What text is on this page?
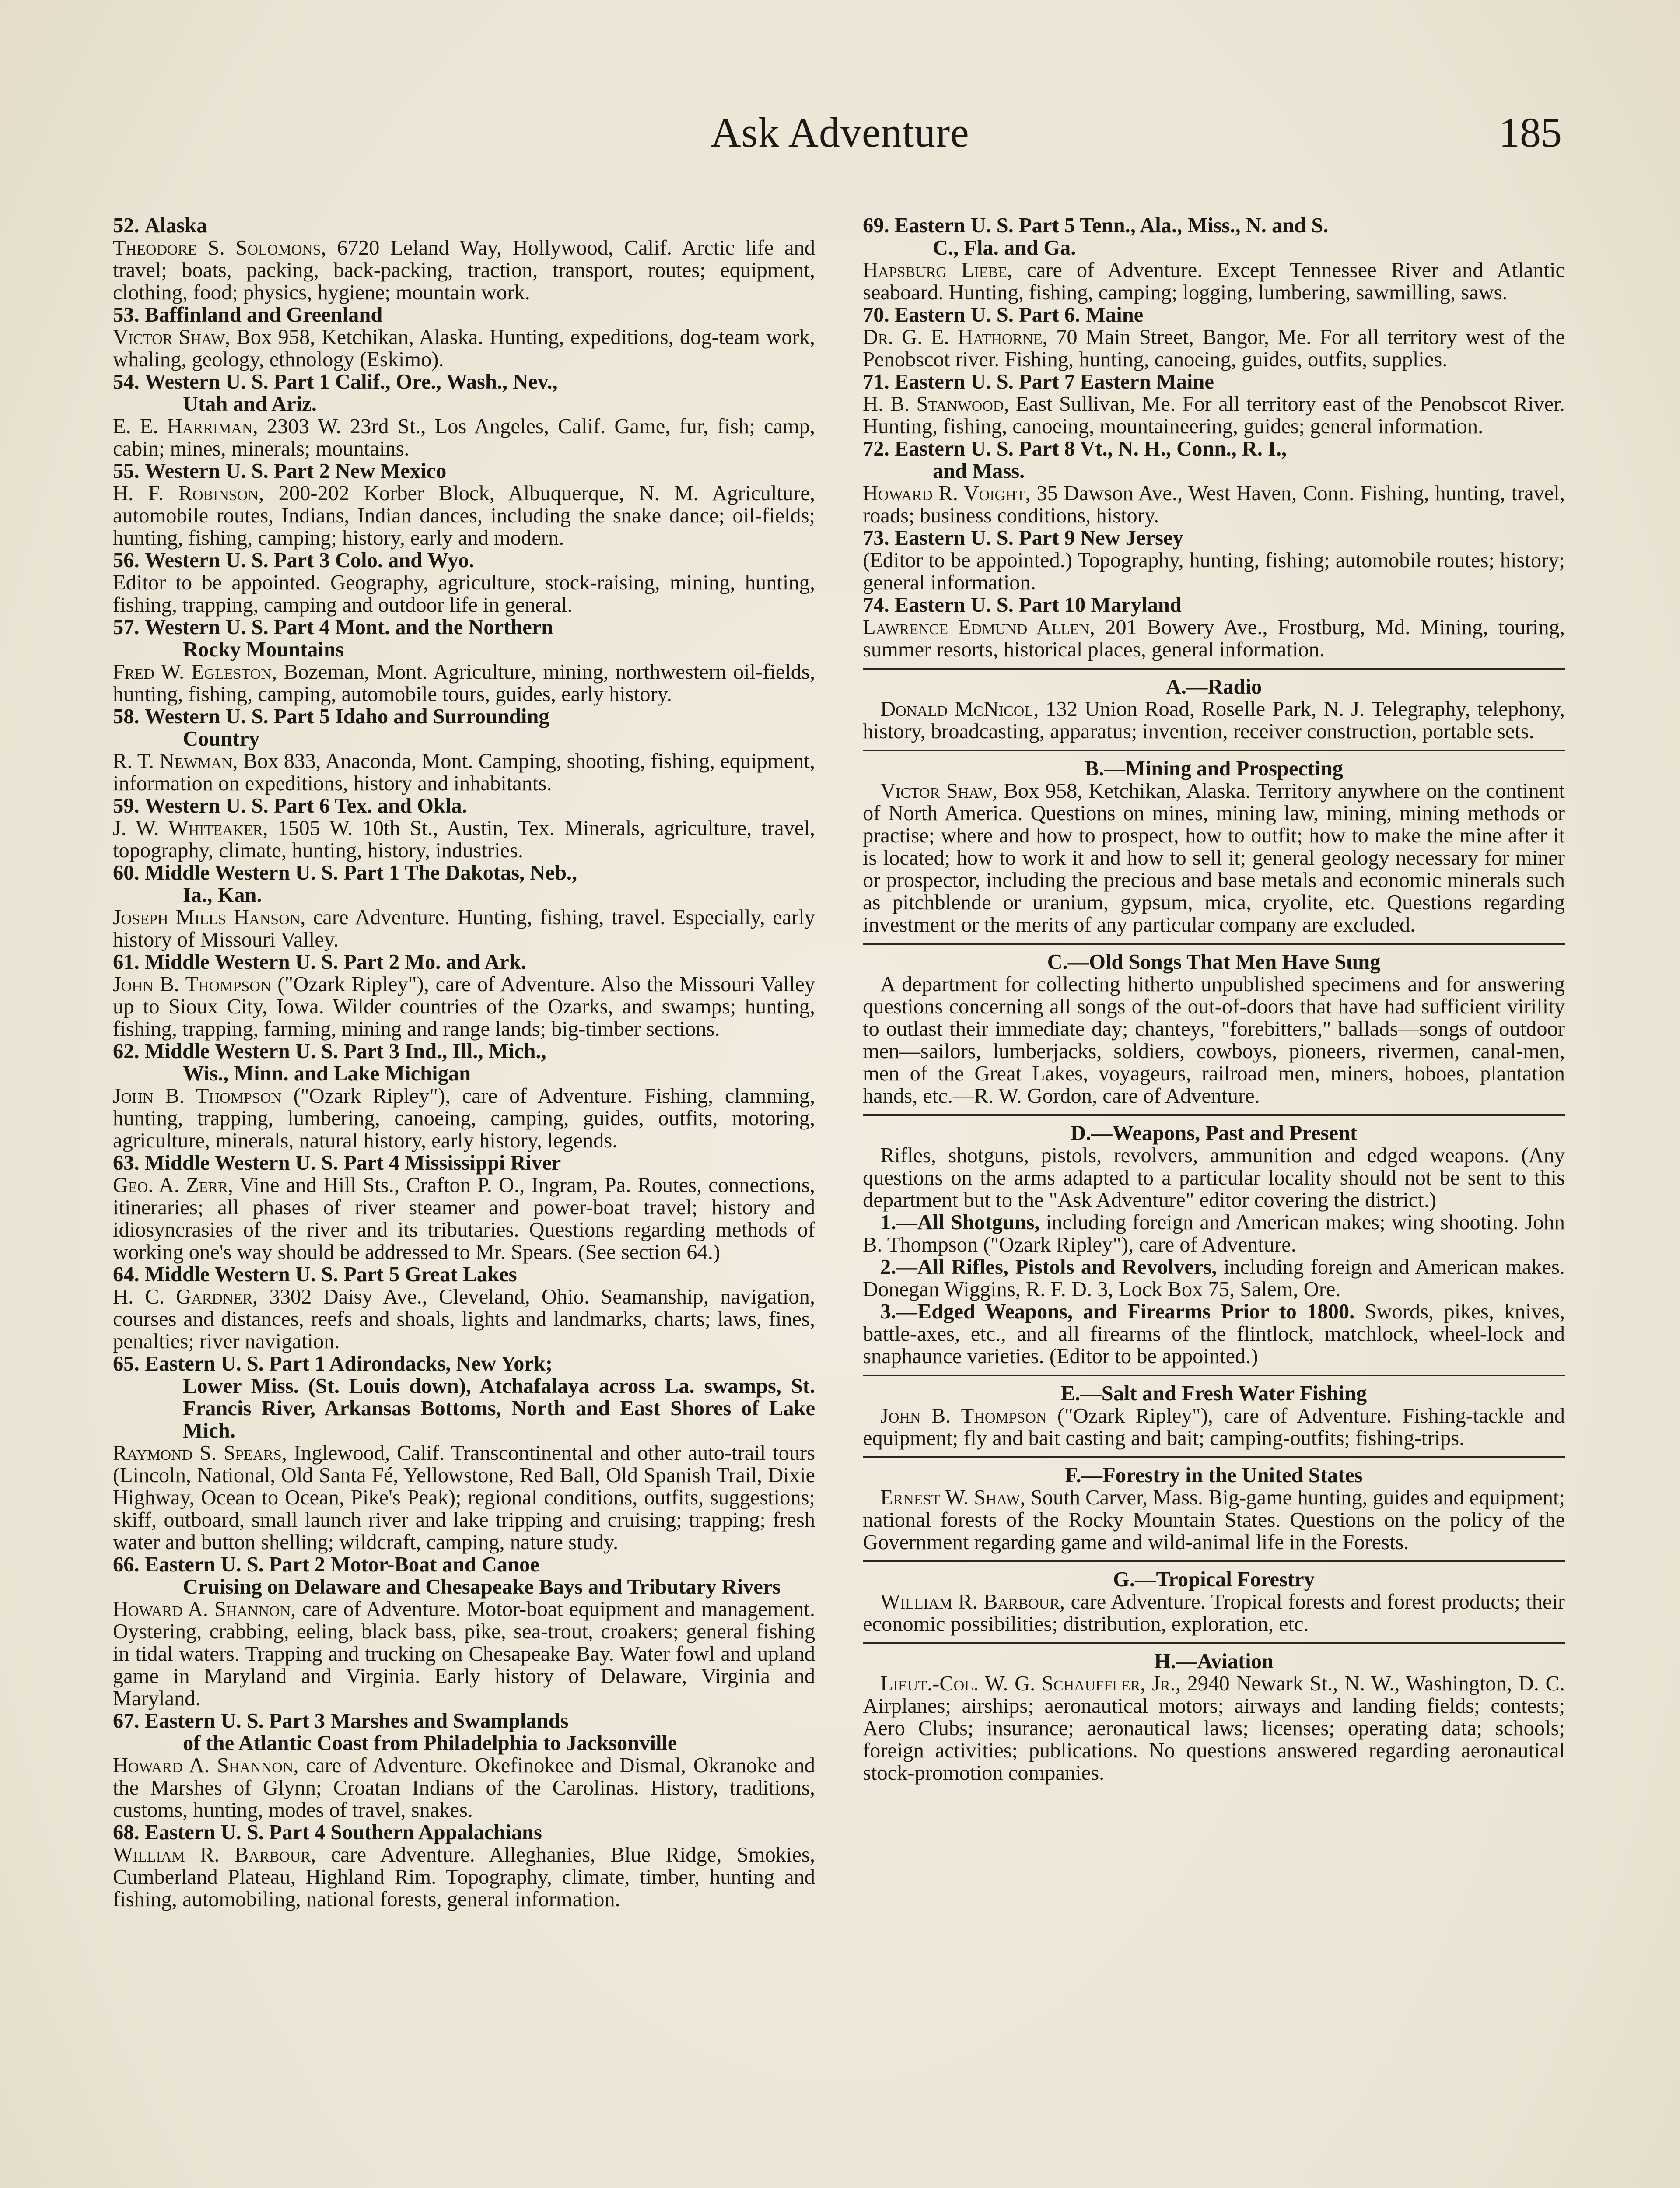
Ask Adventure	185
52. Alaska
Theodore S. Solomons, 6720 Leland Way, Hollywood, Calif. Arctic life and travel; boats, packing, back-packing, traction, transport, routes; equipment, clothing, food; physics, hygiene; mountain work.
53. Baffinland and Greenland
Victor Shaw, Box 958, Ketchikan, Alaska. Hunting, expeditions, dog-team work, whaling, geology, ethnology (Eskimo).
54. Western U. S. Part 1 Calif., Ore., Wash., Nev.,
Utah and Ariz.
E. E. Harriman, 2303 W. 23rd St., Los Angeles, Calif. Game, fur, fish; camp, cabin; mines, minerals; mountains.
55. Western U. S. Part 2 New Mexico
H. F. Robinson, 200-202 Korber Block, Albuquerque, N. M. Agriculture, automobile routes, Indians, Indian dances, including the snake dance; oil-fields; hunting, fishing, camping; history, early and modern.
56. Western U. S. Part 3 Colo. and Wyo.
Editor to be appointed. Geography, agriculture, stock-raising, mining, hunting, fishing, trapping, camping and outdoor life in general.
57. Western U. S. Part 4 Mont. and the Northern
Rocky Mountains
Fred W. Egleston, Bozeman, Mont. Agriculture, mining, northwestern oil-fields, hunting, fishing, camping, automobile tours, guides, early history.
58. Western U. S. Part 5 Idaho and Surrounding
Country
R. T. Newman, Box 833, Anaconda, Mont. Camping, shooting, fishing, equipment, information on expeditions, history and inhabitants.
59. Western U. S. Part 6 Tex. and Okla.
J. W. Whiteaker, 1505 W. 10th St., Austin, Tex. Minerals, agriculture, travel, topography, climate, hunting, history, industries.
60. Middle Western U. S. Part 1 The Dakotas, Neb.,
Ia., Kan.
Joseph Mills Hanson, care Adventure. Hunting, fishing, travel. Especially, early history of Missouri Valley.
61. Middle Western U. S. Part 2 Mo. and Ark.
John B. Thompson ("Ozark Ripley"), care of Adventure. Also the Missouri Valley up to Sioux City, Iowa. Wilder countries of the Ozarks, and swamps; hunting, fishing, trapping, farming, mining and range lands; big-timber sections.
62. Middle Western U. S. Part 3 Ind., Ill., Mich.,
Wis., Minn. and Lake Michigan
John B. Thompson ("Ozark Ripley"), care of Adventure. Fishing, clamming, hunting, trapping, lumbering, canoeing, camping, guides, outfits, motoring, agriculture, minerals, natural history, early history, legends.
63. Middle Western U. S. Part 4 Mississippi River
Geo. A. Zerr, Vine and Hill Sts., Crafton P. O., Ingram, Pa. Routes, connections, itineraries; all phases of river steamer and power-boat travel; history and idiosyncrasies of the river and its tributaries. Questions regarding methods of working one's way should be addressed to Mr. Spears. (See section 64.)
64. Middle Western U. S. Part 5 Great Lakes
H. C. Gardner, 3302 Daisy Ave., Cleveland, Ohio. Seamanship, navigation, courses and distances, reefs and shoals, lights and landmarks, charts; laws, fines, penalties; river navigation.
65. Eastern U. S. Part 1 Adirondacks, New York;
Lower Miss. (St. Louis down), Atchafalaya across La. swamps, St. Francis River, Arkansas Bottoms, North and East Shores of Lake Mich.
Raymond S. Spears, Inglewood, Calif. Transcontinental and other auto-trail tours (Lincoln, National, Old Santa Fé, Yellowstone, Red Ball, Old Spanish Trail, Dixie Highway, Ocean to Ocean, Pike's Peak); regional conditions, outfits, suggestions; skiff, outboard, small launch river and lake tripping and cruising; trapping; fresh water and button shelling; wildcraft, camping, nature study.
66. Eastern U. S. Part 2 Motor-Boat and Canoe
Cruising on Delaware and Chesapeake Bays and Tributary Rivers
Howard A. Shannon, care of Adventure. Motor-boat equipment and management. Oystering, crabbing, eeling, black bass, pike, sea-trout, croakers; general fishing in tidal waters. Trapping and trucking on Chesapeake Bay. Water fowl and upland game in Maryland and Virginia. Early history of Delaware, Virginia and Maryland.
67. Eastern U. S. Part 3 Marshes and Swamplands
of the Atlantic Coast from Philadelphia to Jacksonville
Howard A. Shannon, care of Adventure. Okefinokee and Dismal, Okranoke and the Marshes of Glynn; Croatan Indians of the Carolinas. History, traditions, customs, hunting, modes of travel, snakes.
68. Eastern U. S. Part 4 Southern Appalachians
William R. Barbour, care Adventure. Alleghanies, Blue Ridge, Smokies, Cumberland Plateau, Highland Rim. Topography, climate, timber, hunting and fishing, automobiling, national forests, general information.
69. Eastern U. S. Part 5 Tenn., Ala., Miss., N. and S.
C., Fla. and Ga.
Hapsburg Liebe, care of Adventure. Except Tennessee River and Atlantic seaboard. Hunting, fishing, camping; logging, lumbering, sawmilling, saws.
70. Eastern U. S. Part 6. Maine
Dr. G. E. Hathorne, 70 Main Street, Bangor, Me. For all territory west of the Penobscot river. Fishing, hunting, canoeing, guides, outfits, supplies.
71. Eastern U. S. Part 7 Eastern Maine
H. B. Stanwood, East Sullivan, Me. For all territory east of the Penobscot River. Hunting, fishing, canoeing, mountaineering, guides; general information.
72. Eastern U. S. Part 8 Vt., N. H., Conn., R. I.,
and Mass.
Howard R. Voight, 35 Dawson Ave., West Haven, Conn. Fishing, hunting, travel, roads; business conditions, history.
73. Eastern U. S. Part 9 New Jersey
(Editor to be appointed.) Topography, hunting, fishing; automobile routes; history; general information.
74. Eastern U. S. Part 10 Maryland
Lawrence Edmund Allen, 201 Bowery Ave., Frostburg, Md. Mining, touring, summer resorts, historical places, general information.
A.—Radio
Donald McNicol, 132 Union Road, Roselle Park, N. J. Telegraphy, telephony, history, broadcasting, apparatus; invention, receiver construction, portable sets.
B.—Mining and Prospecting
Victor Shaw, Box 958, Ketchikan, Alaska. Territory anywhere on the continent of North America. Questions on mines, mining law, mining, mining methods or practise; where and how to prospect, how to outfit; how to make the mine after it is located; how to work it and how to sell it; general geology necessary for miner or prospector, including the precious and base metals and economic minerals such as pitchblende or uranium, gypsum, mica, cryolite, etc. Questions regarding investment or the merits of any particular company are excluded.
C.—Old Songs That Men Have Sung
A department for collecting hitherto unpublished specimens and for answering questions concerning all songs of the out-of-doors that have had sufficient virility to outlast their immediate day; chanteys, "forebitters," ballads—songs of outdoor men—sailors, lumberjacks, soldiers, cowboys, pioneers, rivermen, canal-men, men of the Great Lakes, voyageurs, railroad men, miners, hoboes, plantation hands, etc.—R. W. Gordon, care of Adventure.
D.—Weapons, Past and Present
Rifles, shotguns, pistols, revolvers, ammunition and edged weapons. (Any questions on the arms adapted to a particular locality should not be sent to this department but to the "Ask Adventure" editor covering the district.)
1.—All Shotguns, including foreign and American makes; wing shooting. John B. Thompson ("Ozark Ripley"), care of Adventure.
2.—All Rifles, Pistols and Revolvers, including foreign and American makes. Donegan Wiggins, R. F. D. 3, Lock Box 75, Salem, Ore.
3.—Edged Weapons, and Firearms Prior to 1800. Swords, pikes, knives, battle-axes, etc., and all firearms of the flintlock, matchlock, wheel-lock and snaphaunce varieties. (Editor to be appointed.)
E.—Salt and Fresh Water Fishing
John B. Thompson ("Ozark Ripley"), care of Adventure. Fishing-tackle and equipment; fly and bait casting and bait; camping-outfits; fishing-trips.
F.—Forestry in the United States
Ernest W. Shaw, South Carver, Mass. Big-game hunting, guides and equipment; national forests of the Rocky Mountain States. Questions on the policy of the Government regarding game and wild-animal life in the Forests.
G.—Tropical Forestry
William R. Barbour, care Adventure. Tropical forests and forest products; their economic possibilities; distribution, exploration, etc.
H.—Aviation
Lieut.-Col. W. G. Schauffler, Jr., 2940 Newark St., N. W., Washington, D. C. Airplanes; airships; aeronautical motors; airways and landing fields; contests; Aero Clubs; insurance; aeronautical laws; licenses; operating data; schools; foreign activities; publications. No questions answered regarding aeronautical stock-promotion companies.
